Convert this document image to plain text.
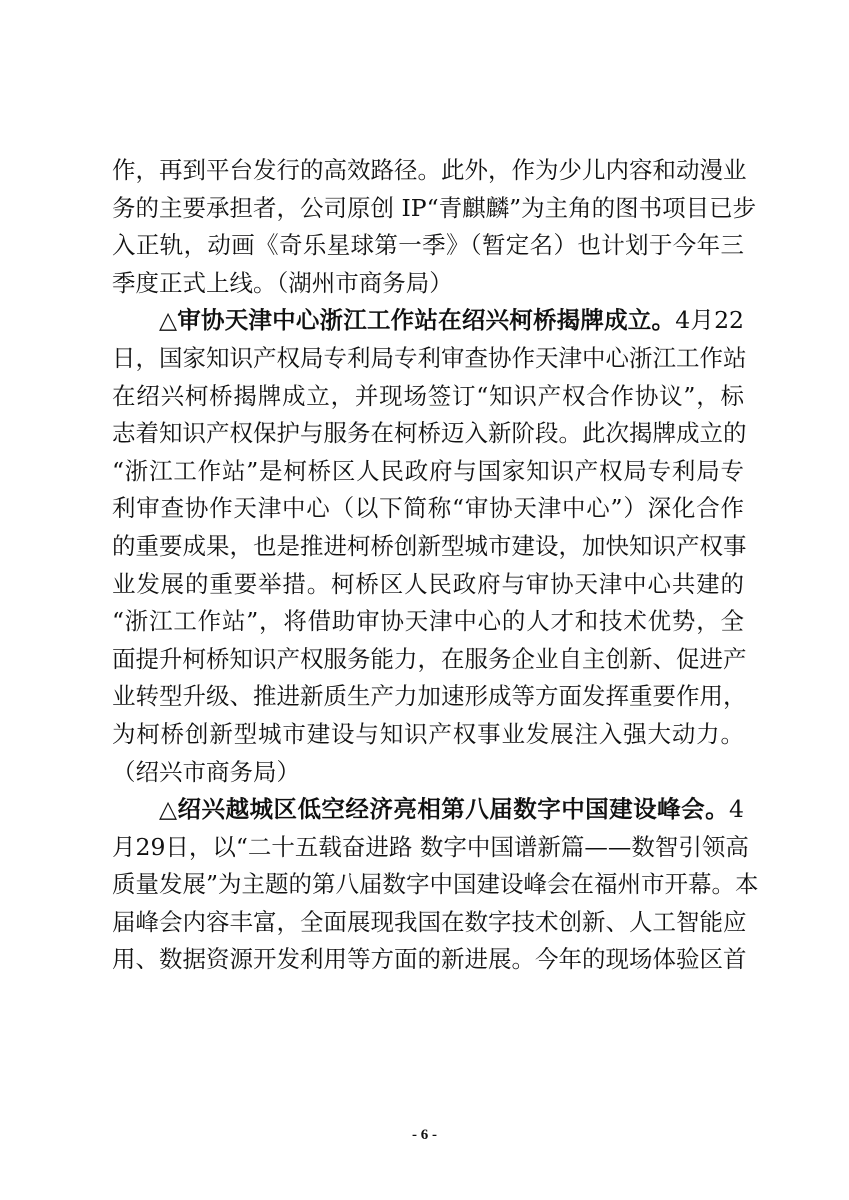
作，再到平台发行的高效路径。此外，作为少儿内容和动漫业
务的主要承担者，公司原创 IP“青麒麟”为主角的图书项目已步
入正轨，动画《奇乐星球第一季》（暂定名）也计划于今年三
季度正式上线。（湖州市商务局）
△审协天津中心浙江工作站在绍兴柯桥揭牌成立。4月22
日，国家知识产权局专利局专利审查协作天津中心浙江工作站
在绍兴柯桥揭牌成立，并现场签订“知识产权合作协议”，标
志着知识产权保护与服务在柯桥迈入新阶段。此次揭牌成立的
“浙江工作站”是柯桥区人民政府与国家知识产权局专利局专
利审查协作天津中心（以下简称“审协天津中心”）深化合作
的重要成果，也是推进柯桥创新型城市建设，加快知识产权事
业发展的重要举措。柯桥区人民政府与审协天津中心共建的
“浙江工作站”，将借助审协天津中心的人才和技术优势，全
面提升柯桥知识产权服务能力，在服务企业自主创新、促进产
业转型升级、推进新质生产力加速形成等方面发挥重要作用，
为柯桥创新型城市建设与知识产权事业发展注入强大动力。
（绍兴市商务局）
△绍兴越城区低空经济亮相第八届数字中国建设峰会。4
月29日，以“二十五载奋进路 数字中国谱新篇——数智引领高
质量发展”为主题的第八届数字中国建设峰会在福州市开幕。本
届峰会内容丰富，全面展现我国在数字技术创新、人工智能应
用、数据资源开发利用等方面的新进展。今年的现场体验区首
- 6 -
